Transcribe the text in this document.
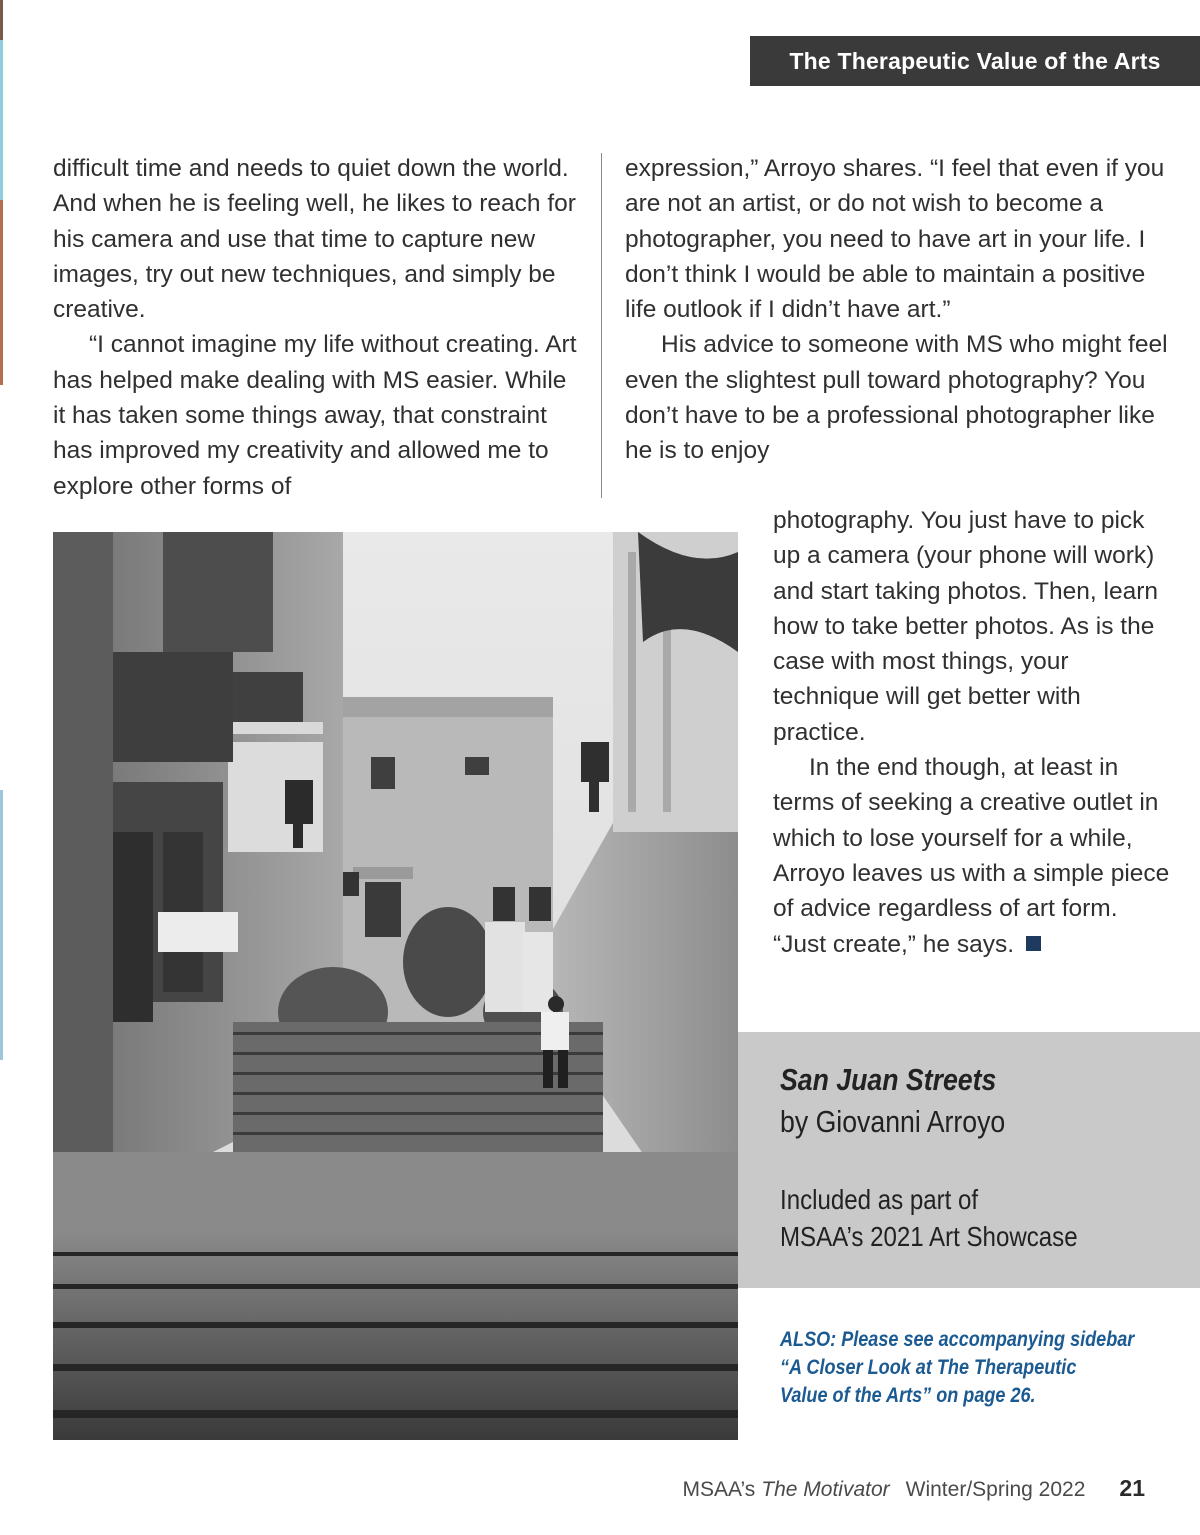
The Therapeutic Value of the Arts

difficult time and needs to quiet down the world. And when he is feeling well, he likes to reach for his camera and use that time to capture new images, try out new techniques, and simply be creative.

“I cannot imagine my life without creating. Art has helped make dealing with MS easier. While it has taken some things away, that constraint has improved my creativity and allowed me to explore other forms of

expression,” Arroyo shares. “I feel that even if you are not an artist, or do not wish to become a photographer, you need to have art in your life. I don’t think I would be able to maintain a positive life outlook if I didn’t have art.”

His advice to someone with MS who might feel even the slightest pull toward photography? You don’t have to be a professional photographer like he is to enjoy

photography. You just have to pick up a camera (your phone will work) and start taking photos. Then, learn how to take better photos. As is the case with most things, your technique will get better with practice.

In the end though, at least in terms of seeking a creative outlet in which to lose yourself for a while, Arroyo leaves us with a simple piece of advice regardless of art form. “Just create,” he says.

San Juan Streets
by Giovanni Arroyo
Included as part of
MSAA’s 2021 Art Showcase
ALSO: Please see accompanying sidebar
“A Closer Look at The Therapeutic
Value of the Arts” on page 26.
MSAA’s The Motivator Winter/Spring 2022 21
